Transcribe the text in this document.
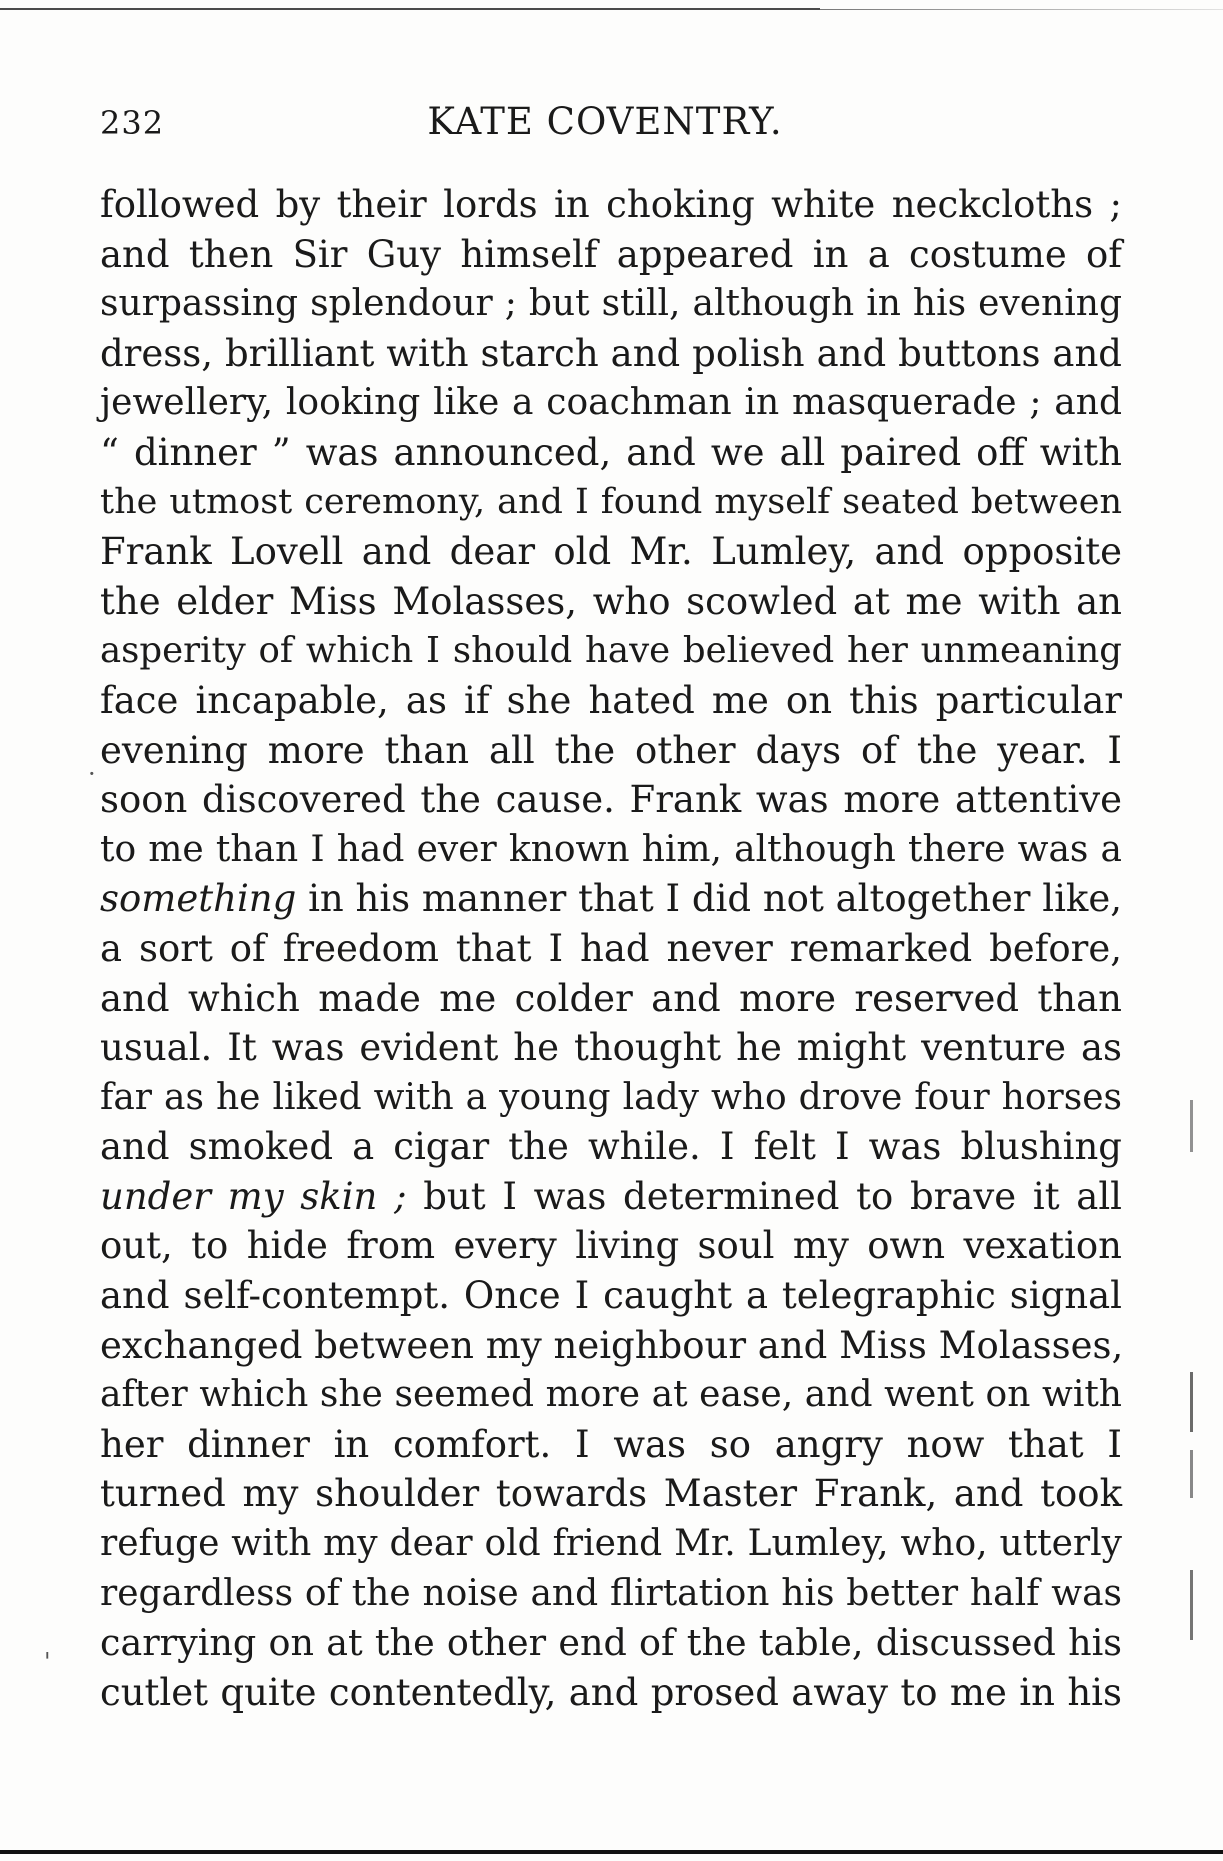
232	KATE COVENTRY.
followed by their lords in choking white neckcloths ;
and then Sir Guy himself appeared in a costume of
surpassing splendour ; but still, although in his evening
dress, brilliant with starch and polish and buttons and
jewellery, looking like a coachman in masquerade ; and
“ dinner ” was announced, and we all paired off with
the utmost ceremony, and I found myself seated between
Frank Lovell and dear old Mr. Lumley, and opposite
the elder Miss Molasses, who scowled at me with an
asperity of which I should have believed her unmeaning
face incapable, as if she hated me on this particular
evening more than all the other days of the year. I
soon discovered the cause. Frank was more attentive
to me than I had ever known him, although there was a
something in his manner that I did not altogether like,
a sort of freedom that I had never remarked before,
and which made me colder and more reserved than
usual. It was evident he thought he might venture as
far as he liked with a young lady who drove four horses
and smoked a cigar the while. I felt I was blushing
under my skin ; but I was determined to brave it all
out, to hide from every living soul my own vexation
and self-contempt. Once I caught a telegraphic signal
exchanged between my neighbour and Miss Molasses,
after which she seemed more at ease, and went on with
her dinner in comfort. I was so angry now that I
turned my shoulder towards Master Frank, and took
refuge with my dear old friend Mr. Lumley, who, utterly
regardless of the noise and flirtation his better half was
carrying on at the other end of the table, discussed his
cutlet quite contentedly, and prosed away to me in his
·
'
